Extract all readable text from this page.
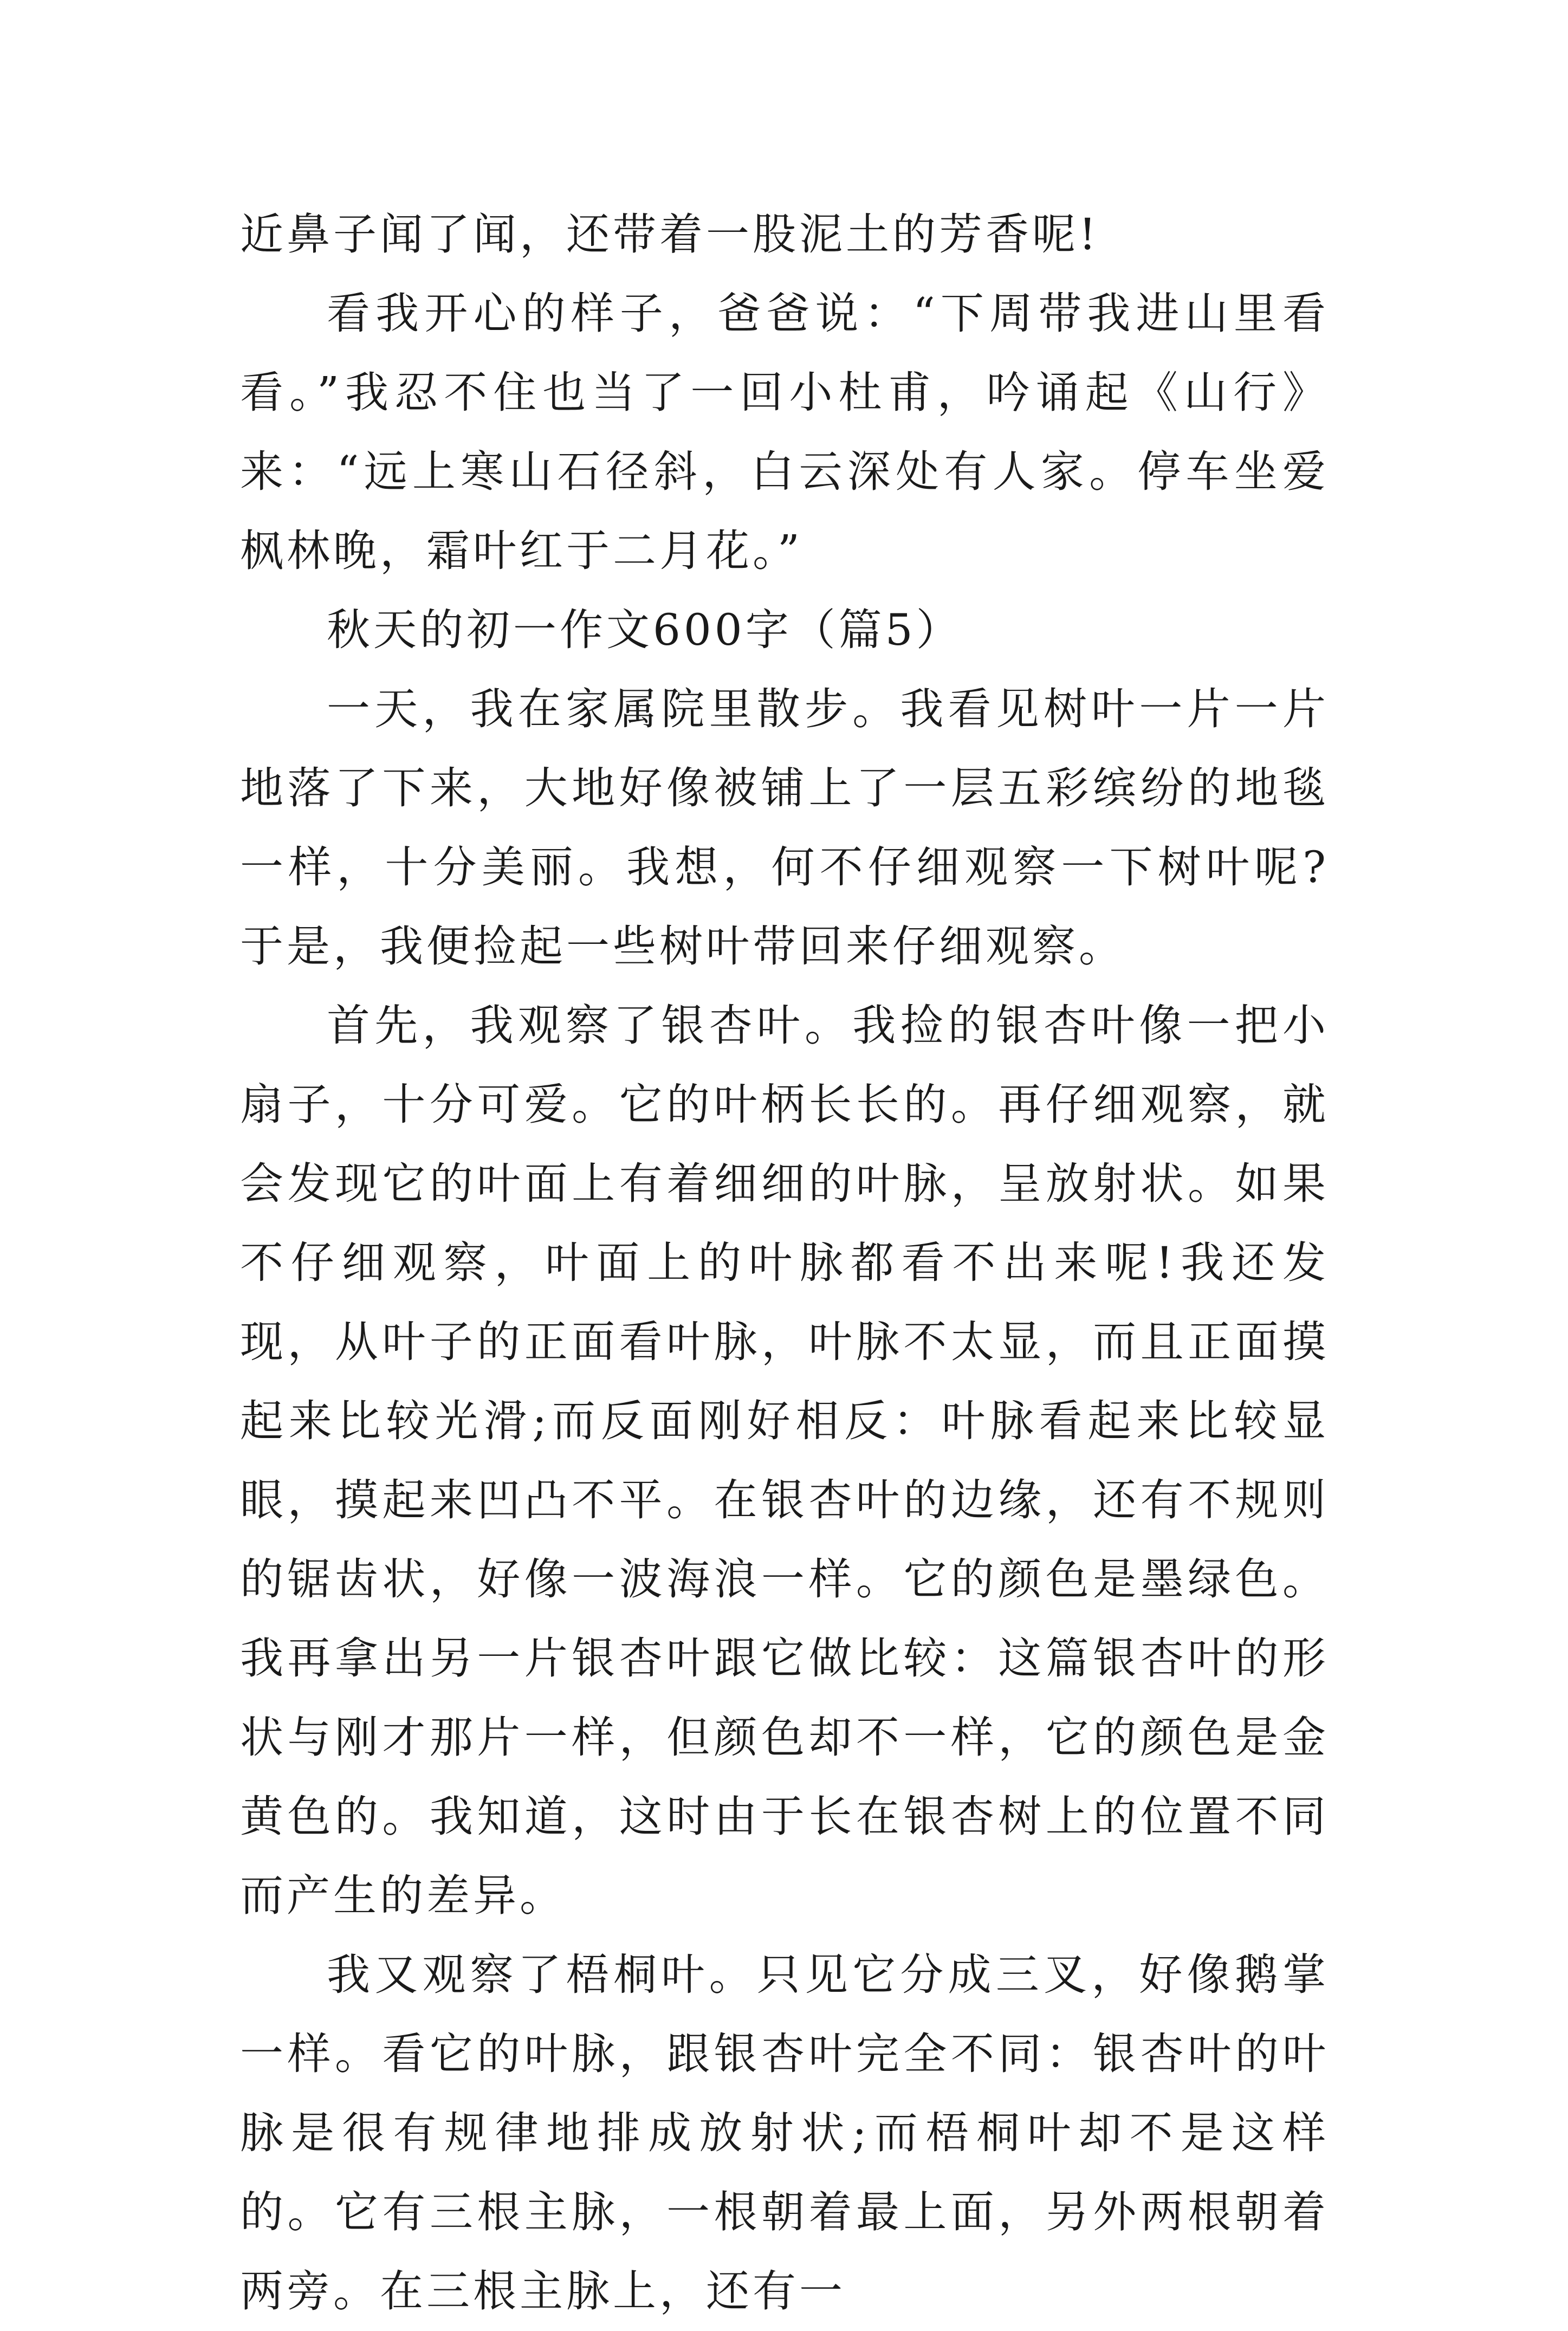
近鼻子闻了闻，还带着一股泥土的芳香呢!

看我开心的样子，爸爸说：“下周带我进山里看看。”我忍不住也当了一回小杜甫，吟诵起《山行》来：“远上寒山石径斜，白云深处有人家。停车坐爱枫林晚，霜叶红于二月花。”

秋天的初一作文600字（篇5）

一天，我在家属院里散步。我看见树叶一片一片地落了下来，大地好像被铺上了一层五彩缤纷的地毯一样，十分美丽。我想，何不仔细观察一下树叶呢?于是，我便捡起一些树叶带回来仔细观察。

首先，我观察了银杏叶。我捡的银杏叶像一把小扇子，十分可爱。它的叶柄长长的。再仔细观察，就会发现它的叶面上有着细细的叶脉，呈放射状。如果不仔细观察，叶面上的叶脉都看不出来呢!我还发现，从叶子的正面看叶脉，叶脉不太显，而且正面摸起来比较光滑;而反面刚好相反：叶脉看起来比较显眼，摸起来凹凸不平。在银杏叶的边缘，还有不规则的锯齿状，好像一波海浪一样。它的颜色是墨绿色。我再拿出另一片银杏叶跟它做比较：这篇银杏叶的形状与刚才那片一样，但颜色却不一样，它的颜色是金黄色的。我知道，这时由于长在银杏树上的位置不同而产生的差异。

我又观察了梧桐叶。只见它分成三叉，好像鹅掌一样。看它的叶脉，跟银杏叶完全不同：银杏叶的叶脉是很有规律地排成放射状;而梧桐叶却不是这样的。它有三根主脉，一根朝着最上面，另外两根朝着两旁。在三根主脉上，还有一
